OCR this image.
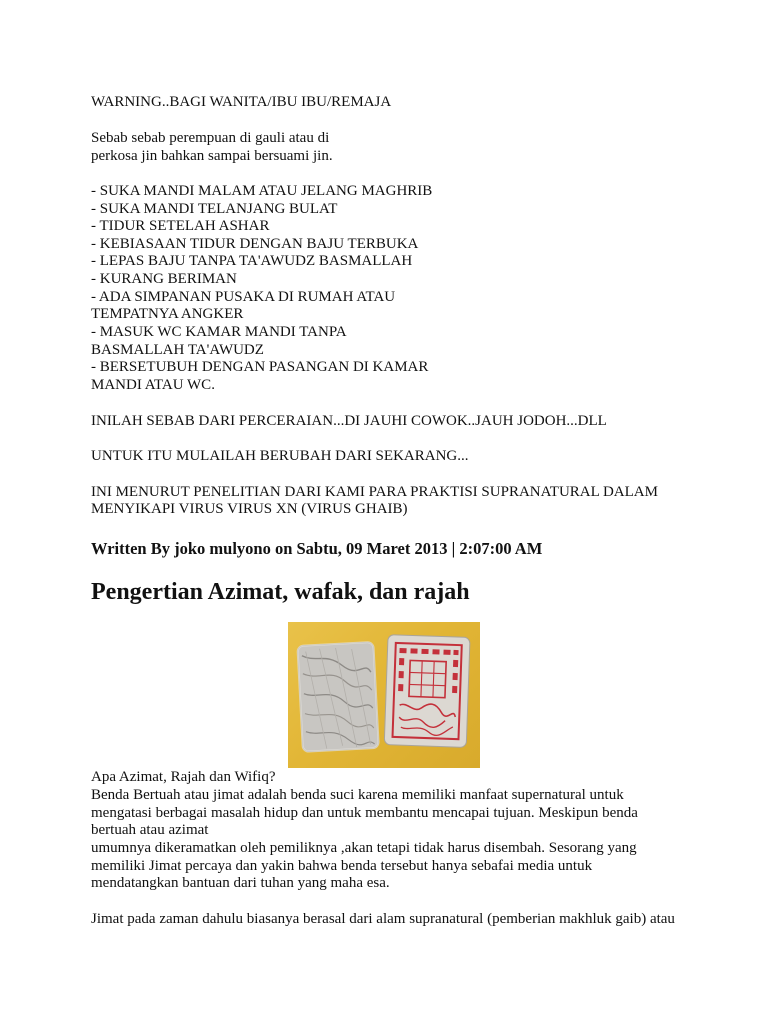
WARNING..BAGI WANITA/IBU IBU/REMAJA

Sebab sebab perempuan di gauli atau di

perkosa jin bahkan sampai bersuami jin.

- SUKA MANDI MALAM ATAU JELANG MAGHRIB

- SUKA MANDI TELANJANG BULAT

- TIDUR SETELAH ASHAR

- KEBIASAAN TIDUR DENGAN BAJU TERBUKA

- LEPAS BAJU TANPA TA'AWUDZ BASMALLAH

- KURANG BERIMAN

- ADA SIMPANAN PUSAKA DI RUMAH ATAU

TEMPATNYA ANGKER

- MASUK WC KAMAR MANDI TANPA

BASMALLAH TA'AWUDZ

- BERSETUBUH DENGAN PASANGAN DI KAMAR

MANDI ATAU WC.

INILAH SEBAB DARI PERCERAIAN...DI JAUHI COWOK..JAUH JODOH...DLL

UNTUK ITU MULAILAH BERUBAH DARI SEKARANG...

INI MENURUT PENELITIAN DARI KAMI PARA PRAKTISI SUPRANATURAL DALAM

MENYIKAPI VIRUS VIRUS XN (VIRUS GHAIB)

Written By joko mulyono on Sabtu, 09 Maret 2013 | 2:07:00 AM

Pengertian Azimat, wafak, dan rajah

Apa Azimat, Rajah dan Wifiq?

Benda Bertuah atau jimat adalah benda suci karena memiliki manfaat supernatural untuk

mengatasi berbagai masalah hidup dan untuk membantu mencapai tujuan. Meskipun benda

bertuah atau azimat

umumnya dikeramatkan oleh pemiliknya ,akan tetapi tidak harus disembah. Sesorang yang

memiliki Jimat percaya dan yakin bahwa benda tersebut hanya sebafai media untuk

mendatangkan bantuan dari tuhan yang maha esa.

Jimat pada zaman dahulu biasanya berasal dari alam supranatural (pemberian makhluk gaib) atau
